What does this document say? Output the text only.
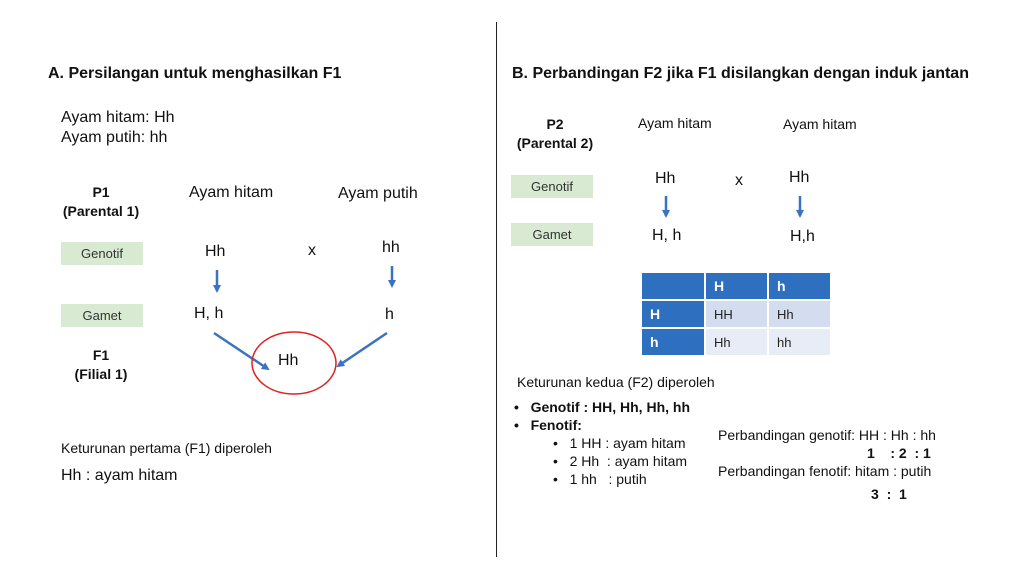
A. Persilangan untuk menghasilkan F1
Ayam hitam: Hh
Ayam putih: hh
P1
(Parental 1)
Ayam hitam	Ayam putih
Genotif
Gamet
Hh	x	hh
H, h	h
F1
(Filial 1)
Hh
Keturunan pertama (F1) diperoleh
Hh : ayam hitam
B. Perbandingan F2 jika F1 disilangkan dengan induk jantan
P2
(Parental 2)
Ayam hitam	Ayam hitam
Genotif
Gamet
Hh	x	Hh
H, h	H,h
	H	h
H	HH	Hh
h	Hh	hh
Keturunan kedua (F2) diperoleh
•   Genotif : HH, Hh, Hh, hh
•   Fenotif:
•   1 HH : ayam hitam
•   2 Hh  : ayam hitam
•   1 hh   : putih
Perbandingan genotif: HH : Hh : hh
1    : 2  : 1
Perbandingan fenotif: hitam : putih
3  :  1
